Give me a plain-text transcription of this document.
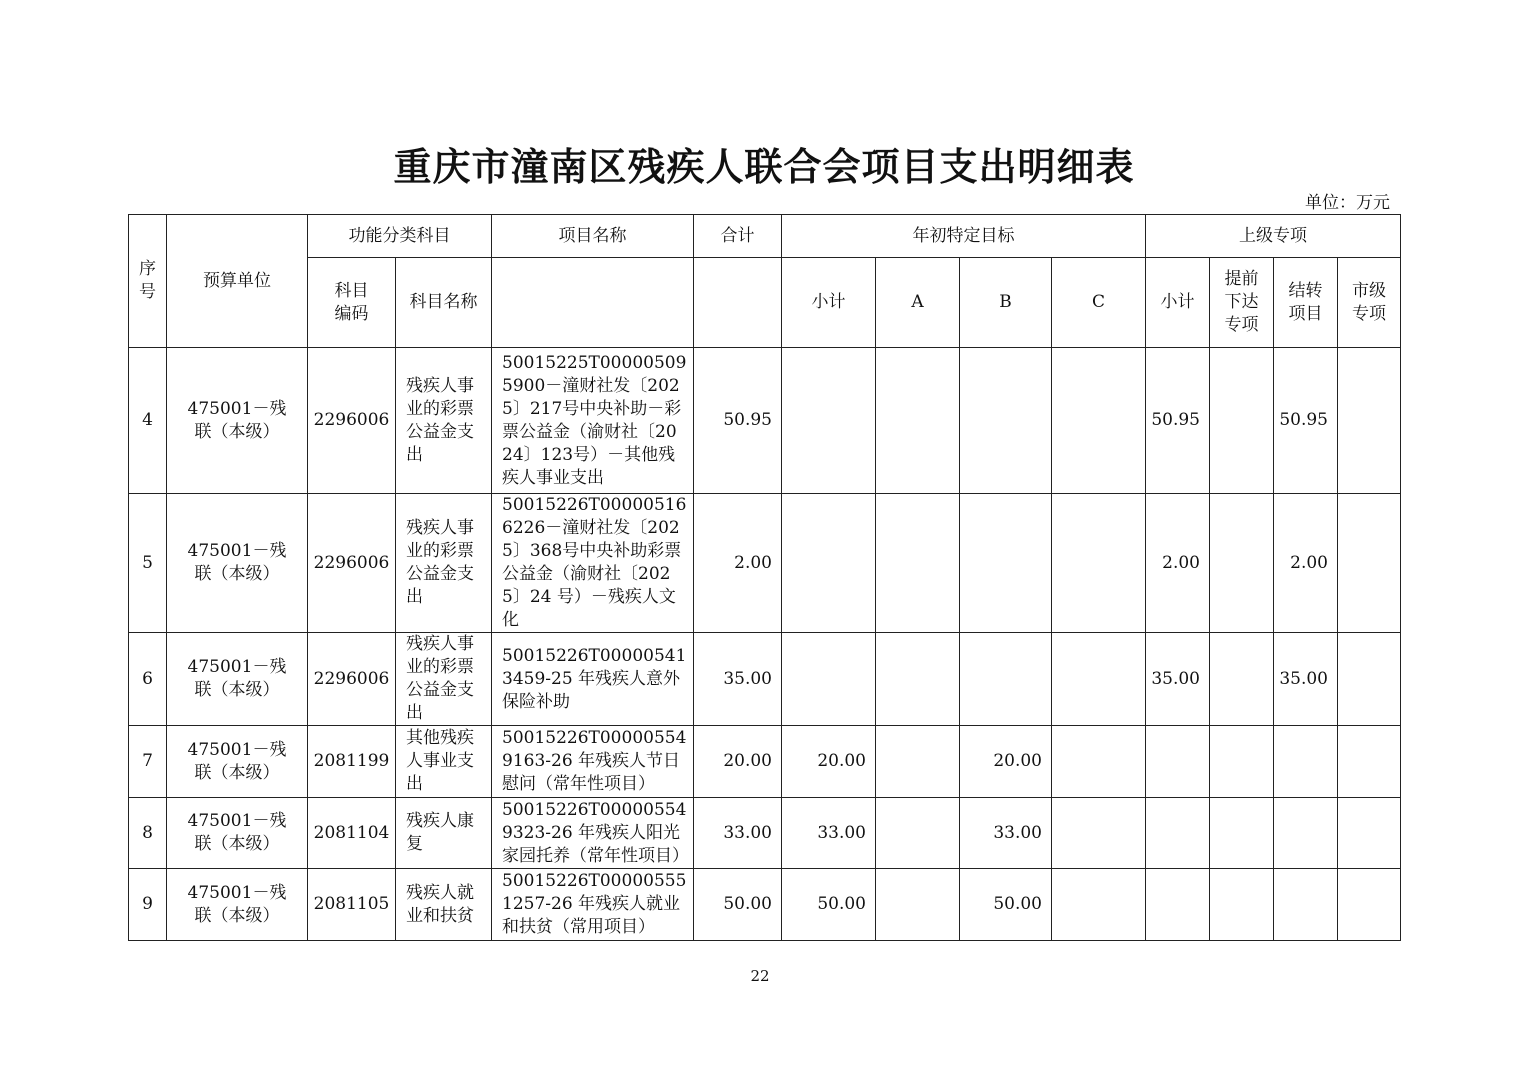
重庆市潼南区残疾人联合会项目支出明细表
单位：万元
序号	预算单位	功能分类科目		项目名称	合计	年初特定目标				上级专项			
		科目编码	科目名称			小计	A	B	C	小计	提前下达专项	结转项目	市级专项
4	475001－残联（本级）	2296006	残疾人事业的彩票公益金支出	50015225T000005095900－潼财社发〔2025〕217号中央补助－彩票公益金（渝财社〔2024〕123号）－其他残疾人事业支出	50.95					50.95		50.95	
5	475001－残联（本级）	2296006	残疾人事业的彩票公益金支出	50015226T000005166226－潼财社发〔2025〕368号中央补助彩票公益金（渝财社〔2025〕24 号）－残疾人文化	2.00					2.00		2.00	
6	475001－残联（本级）	2296006	残疾人事业的彩票公益金支出	50015226T000005413459-25 年残疾人意外保险补助	35.00					35.00		35.00	
7	475001－残联（本级）	2081199	其他残疾人事业支出	50015226T000005549163-26 年残疾人节日慰问（常年性项目）	20.00	20.00		20.00					
8	475001－残联（本级）	2081104	残疾人康复	50015226T000005549323-26 年残疾人阳光家园托养（常年性项目）	33.00	33.00		33.00					
9	475001－残联（本级）	2081105	残疾人就业和扶贫	50015226T000005551257-26 年残疾人就业和扶贫（常用项目）	50.00	50.00		50.00					
22
